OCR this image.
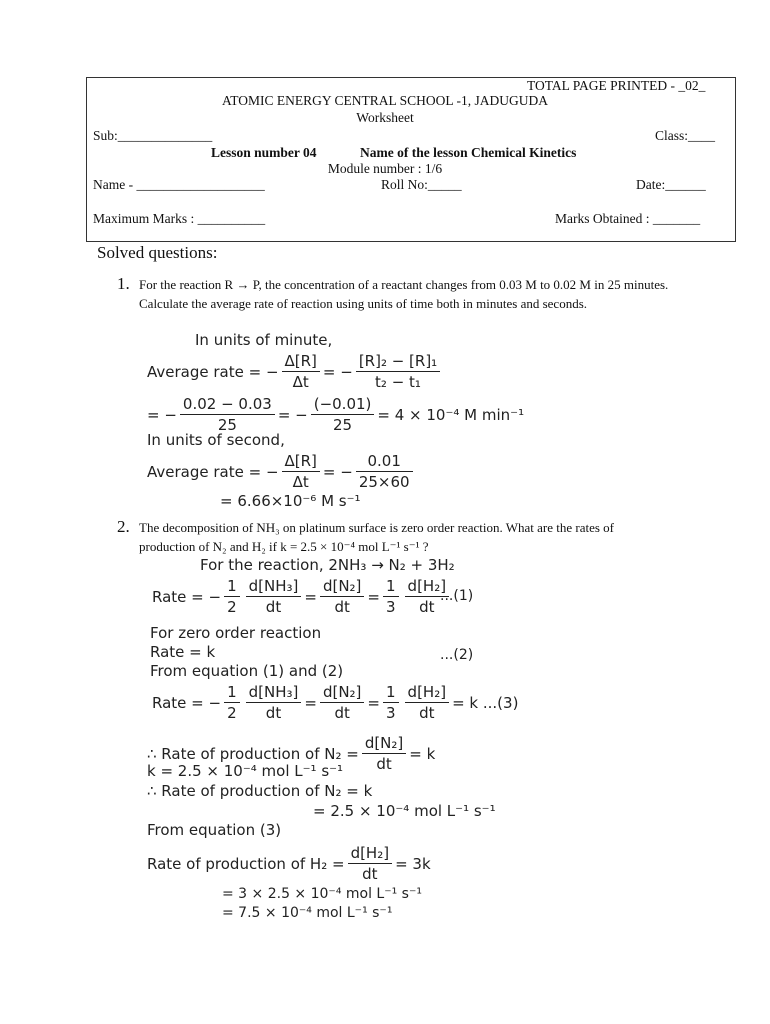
TOTAL PAGE PRINTED - _02_
ATOMIC ENERGY CENTRAL SCHOOL -1, JADUGUDA
Worksheet
Sub:______________	Class:____
Lesson number 04	Name of the lesson Chemical Kinetics
Module number : 1/6
Name - ___________________	Roll No:_____	Date:______
Maximum Marks : __________	Marks Obtained : _______
Solved questions:
1. For the reaction R → P, the concentration of a reactant changes from 0.03 M to 0.02 M in 25 minutes. Calculate the average rate of reaction using units of time both in minutes and seconds.
In units of minute,
Average rate = − $\frac{\Delta[R]}{\Delta t}$ = − $\frac{\text{[R]₂ − [R]₁}}{\text{t₂ − t₁}}$
= − $\frac{0.02 - 0.03}{25}$ = − $\frac{(-0.01)}{25} = 4 \times 10^{-4}$ M min⁻¹
In units of second,
Average rate = − $\frac{\Delta[R]}{\Delta t}$ = − $\frac{0.01}{25\times 60}$
= 6.66×10⁻⁶ M s⁻¹
2. The decomposition of NH₃ on platinum surface is zero order reaction. What are the rates of production of N₂ and H₂ if k = 2.5 × 10⁻⁴ mol L⁻¹ s⁻¹ ?
For the reaction, 2NH₃ → N₂ + 3H₂
Rate = − $\frac{1}{2} \frac{\text{d[NH₃]}}{dt} = \frac{\text{d[N₂]}}{dt} = \frac{1}{3} \frac{\text{d[H₂]}}{dt}$
...(1)
For zero order reaction
Rate = k	...(2)
From equation (1) and (2)
Rate = − $\frac{1}{2} \frac{\text{d[NH₃]}}{dt} = \frac{\text{d[N₂]}}{dt} = \frac{1}{3} \frac{\text{d[H₂]}}{dt} = k$ ...(3)
∴ Rate of production of $N_2 = \frac{\text{d[N₂]}}{dt} = k$
k = 2.5 × 10⁻⁴ mol L⁻¹ s⁻¹
∴ Rate of production of N₂ = k
= 2.5 × 10⁻⁴ mol L⁻¹ s⁻¹
From equation (3)
Rate of production of $H_2 = \frac{\text{d[H₂]}}{dt} = 3k$
= 3 × 2.5 × 10⁻⁴ mol L⁻¹ s⁻¹
= 7.5 × 10⁻⁴ mol L⁻¹ s⁻¹
